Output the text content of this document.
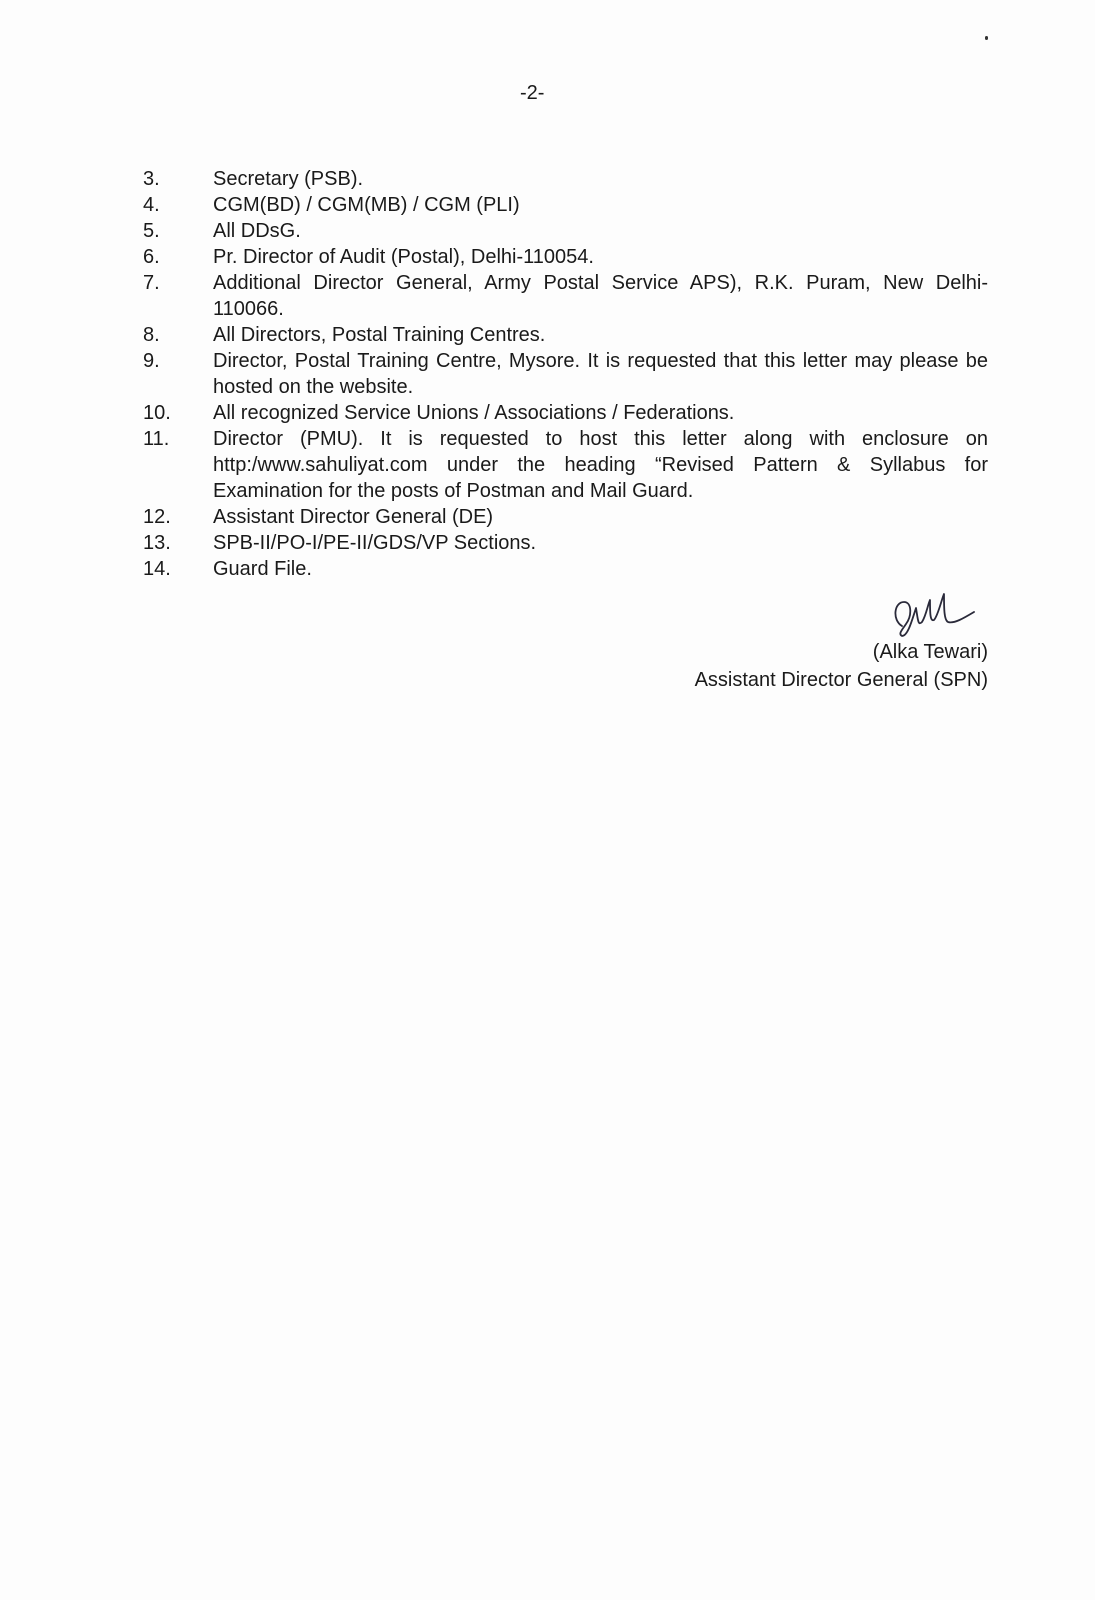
-2-
3.	Secretary (PSB).
4.	CGM(BD) / CGM(MB) / CGM (PLI)
5.	All DDsG.
6.	Pr. Director of Audit (Postal), Delhi-110054.
7.	Additional Director General, Army Postal Service APS), R.K. Puram, New Delhi-110066.
8.	All Directors, Postal Training Centres.
9.	Director, Postal Training Centre, Mysore. It is requested that this letter may please be hosted on the website.
10.	All recognized Service Unions / Associations / Federations.
11.	Director (PMU). It is requested to host this letter along with enclosure on http:/www.sahuliyat.com under the heading “Revised Pattern & Syllabus for Examination for the posts of Postman and Mail Guard.
12.	Assistant Director General (DE)
13.	SPB-II/PO-I/PE-II/GDS/VP Sections.
14.	Guard File.
(Alka Tewari)
Assistant Director General (SPN)
